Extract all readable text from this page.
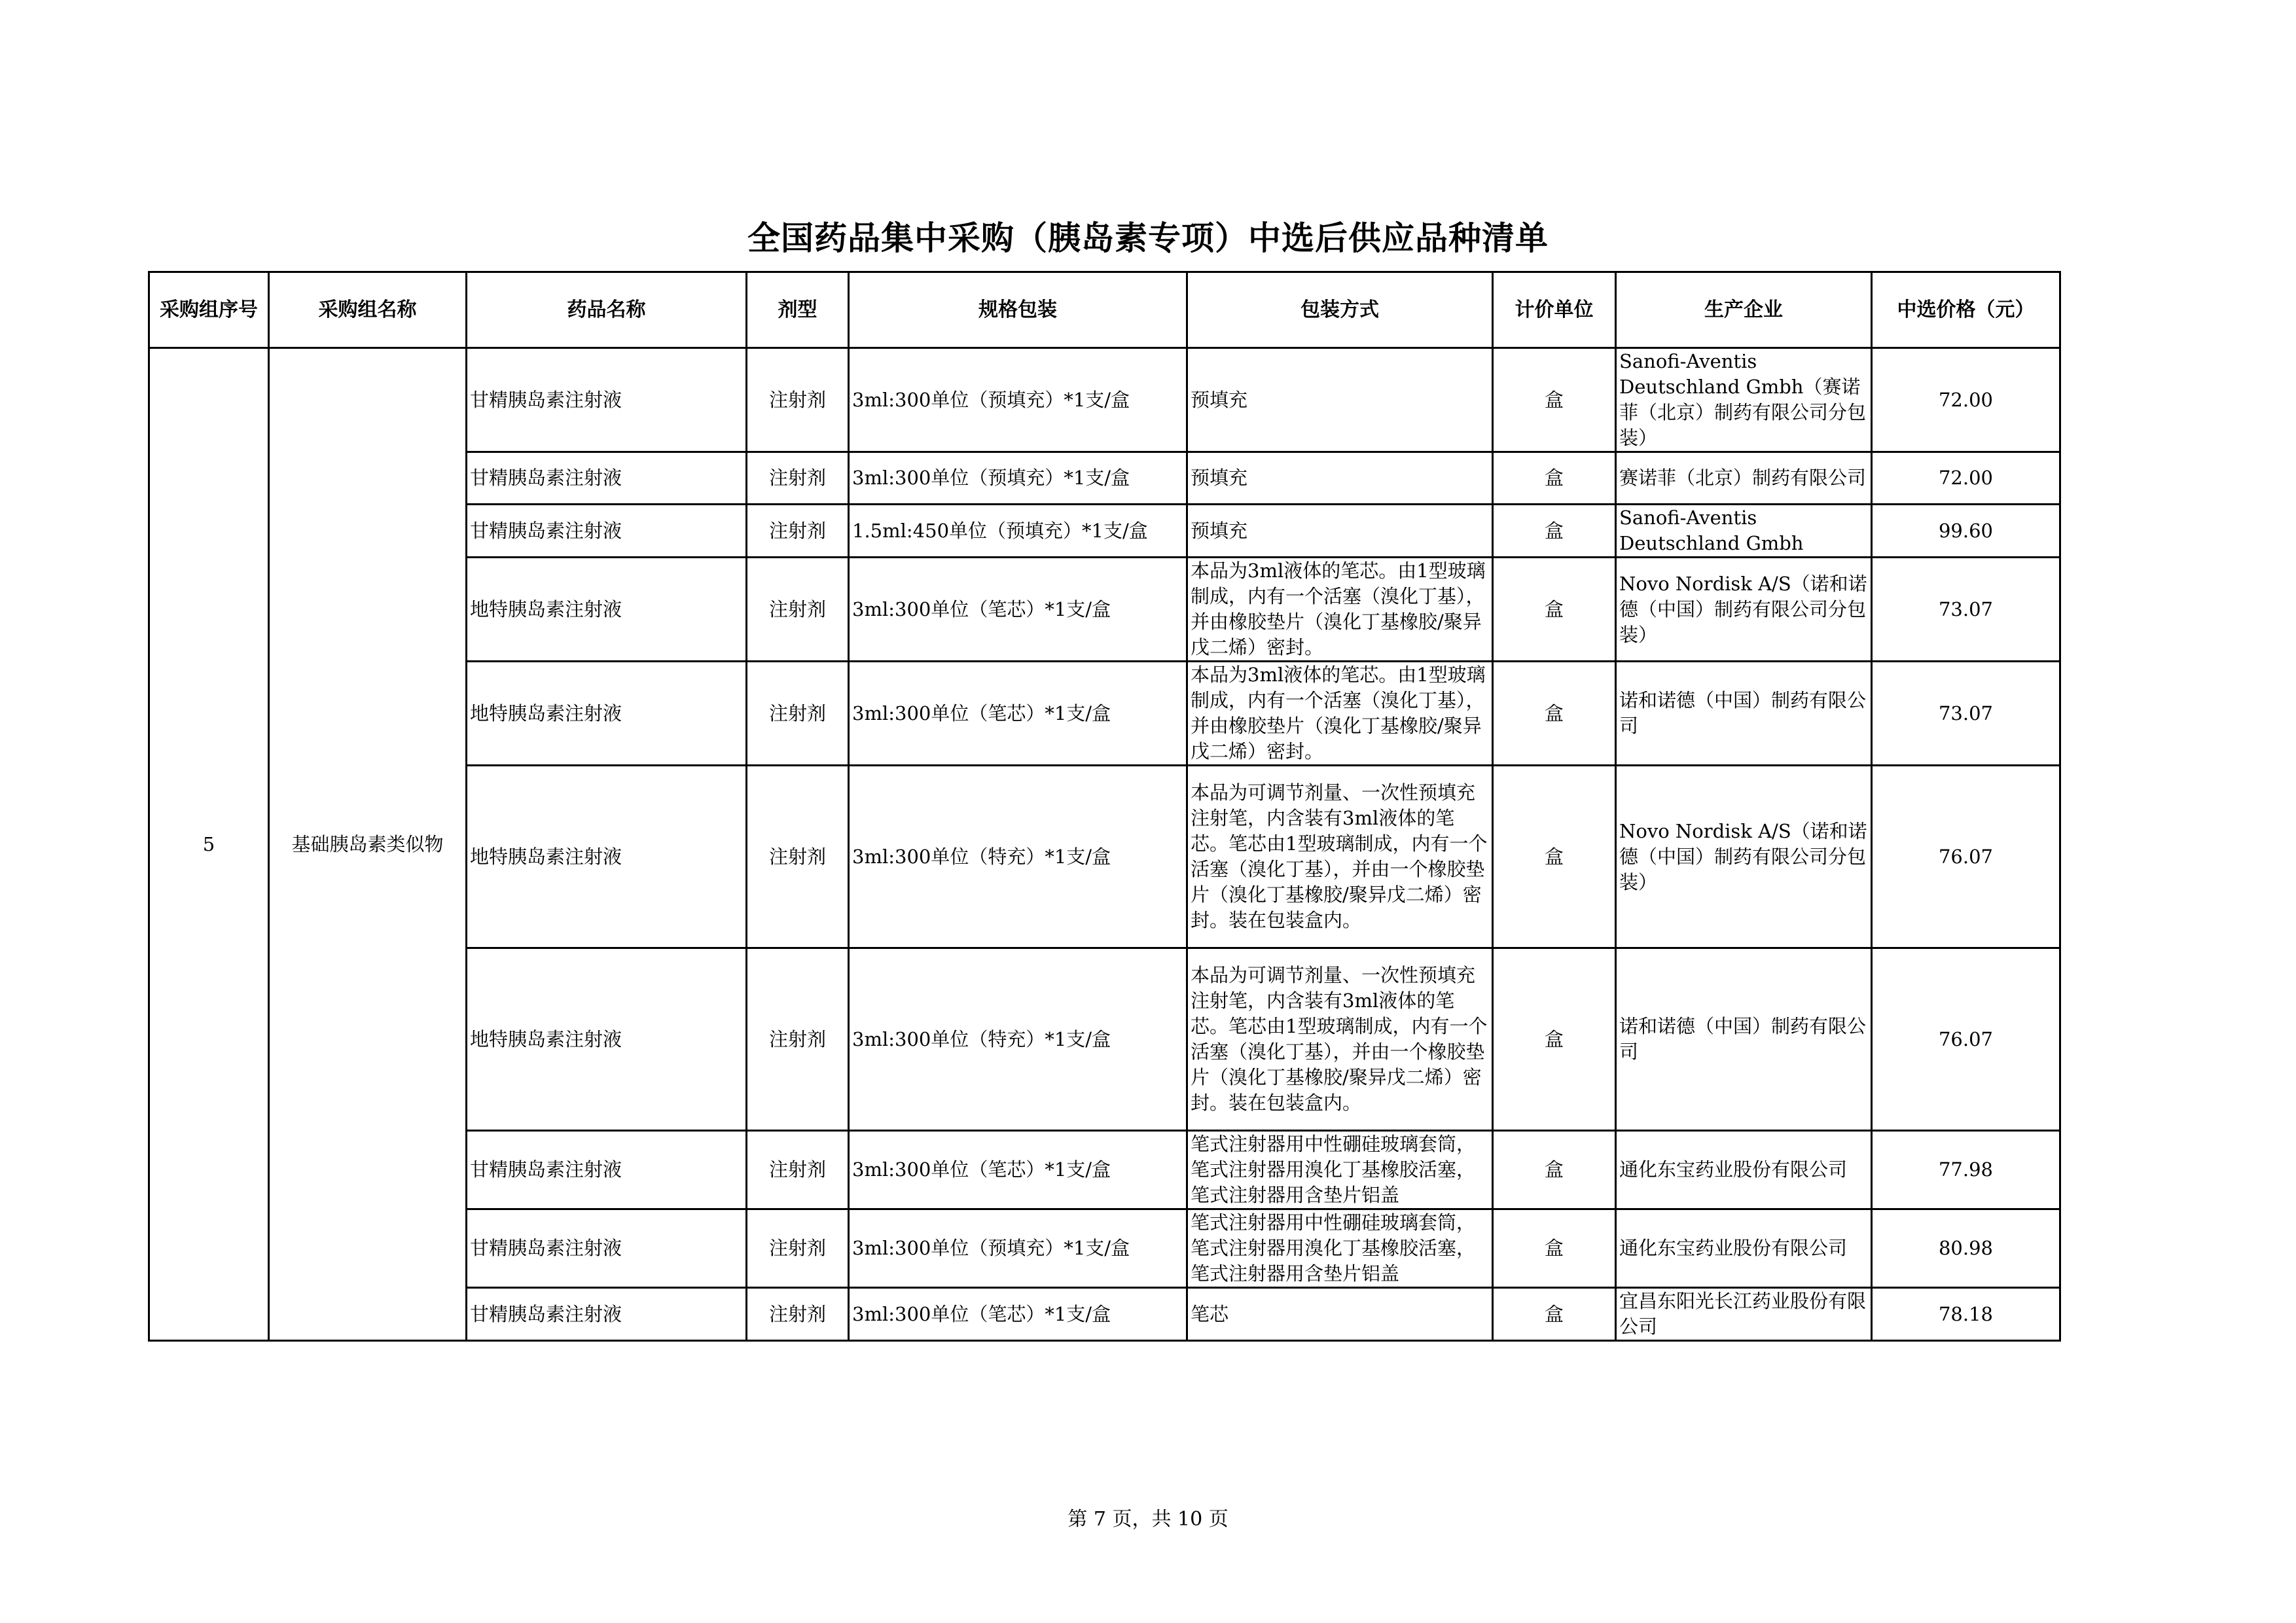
全国药品集中采购（胰岛素专项）中选后供应品种清单
采购组序号	采购组名称	药品名称	剂型	规格包装	包装方式	计价单位	生产企业	中选价格（元）
5	基础胰岛素类似物	甘精胰岛素注射液	注射剂	3ml:300单位（预填充）*1支/盒	预填充	盒	Sanofi-Aventis Deutschland Gmbh（赛诺菲（北京）制药有限公司分包装）	72.00
		甘精胰岛素注射液	注射剂	3ml:300单位（预填充）*1支/盒	预填充	盒	赛诺菲（北京）制药有限公司	72.00
		甘精胰岛素注射液	注射剂	1.5ml:450单位（预填充）*1支/盒	预填充	盒	Sanofi-Aventis Deutschland Gmbh	99.60
		地特胰岛素注射液	注射剂	3ml:300单位（笔芯）*1支/盒	本品为3ml液体的笔芯。由1型玻璃制成，内有一个活塞（溴化丁基），并由橡胶垫片（溴化丁基橡胶/聚异戊二烯）密封。	盒	Novo Nordisk A/S（诺和诺德（中国）制药有限公司分包装）	73.07
		地特胰岛素注射液	注射剂	3ml:300单位（笔芯）*1支/盒	本品为3ml液体的笔芯。由1型玻璃制成，内有一个活塞（溴化丁基），并由橡胶垫片（溴化丁基橡胶/聚异戊二烯）密封。	盒	诺和诺德（中国）制药有限公司	73.07
		地特胰岛素注射液	注射剂	3ml:300单位（特充）*1支/盒	本品为可调节剂量、一次性预填充注射笔，内含装有3ml液体的笔芯。笔芯由1型玻璃制成，内有一个活塞（溴化丁基），并由一个橡胶垫片（溴化丁基橡胶/聚异戊二烯）密封。装在包装盒内。	盒	Novo Nordisk A/S（诺和诺德（中国）制药有限公司分包装）	76.07
		地特胰岛素注射液	注射剂	3ml:300单位（特充）*1支/盒	本品为可调节剂量、一次性预填充注射笔，内含装有3ml液体的笔芯。笔芯由1型玻璃制成，内有一个活塞（溴化丁基），并由一个橡胶垫片（溴化丁基橡胶/聚异戊二烯）密封。装在包装盒内。	盒	诺和诺德（中国）制药有限公司	76.07
		甘精胰岛素注射液	注射剂	3ml:300单位（笔芯）*1支/盒	笔式注射器用中性硼硅玻璃套筒，笔式注射器用溴化丁基橡胶活塞，笔式注射器用含垫片铝盖	盒	通化东宝药业股份有限公司	77.98
		甘精胰岛素注射液	注射剂	3ml:300单位（预填充）*1支/盒	笔式注射器用中性硼硅玻璃套筒，笔式注射器用溴化丁基橡胶活塞，笔式注射器用含垫片铝盖	盒	通化东宝药业股份有限公司	80.98
		甘精胰岛素注射液	注射剂	3ml:300单位（笔芯）*1支/盒	笔芯	盒	宜昌东阳光长江药业股份有限公司	78.18
第 7 页，共 10 页
